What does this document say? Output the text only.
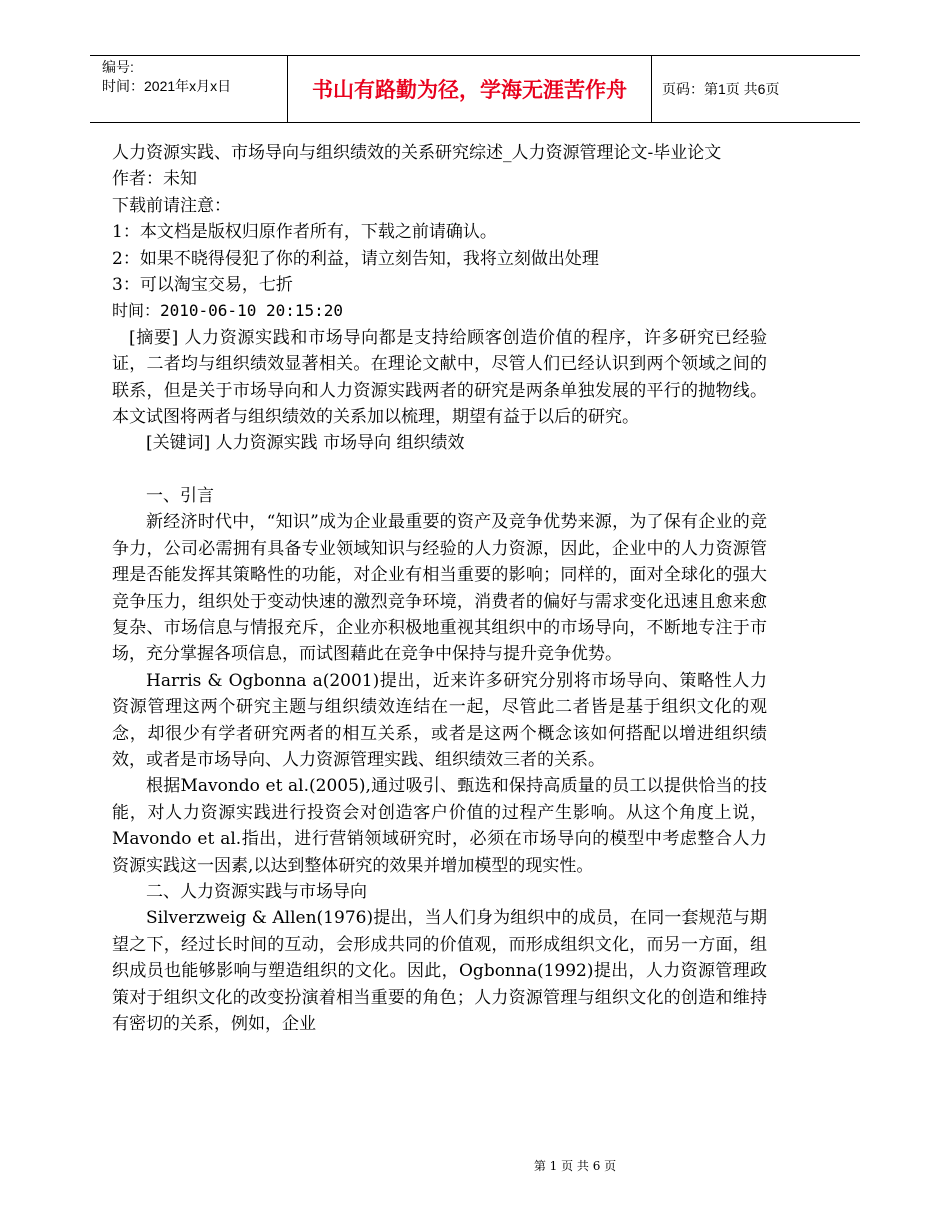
编号:
时间：2021年x月x日	书山有路勤为径，学海无涯苦作舟	页码：第1页 共6页

人力资源实践、市场导向与组织绩效的关系研究综述_人力资源管理论文-毕业论文

作者：未知

下载前请注意：

1：本文档是版权归原作者所有，下载之前请确认。

2：如果不晓得侵犯了你的利益，请立刻告知，我将立刻做出处理

3：可以淘宝交易，七折

时间：2010-06-10 20:15:20

[摘要] 人力资源实践和市场导向都是支持给顾客创造价值的程序，许多研究已经验证，二者均与组织绩效显著相关。在理论文献中，尽管人们已经认识到两个领域之间的联系，但是关于市场导向和人力资源实践两者的研究是两条单独发展的平行的抛物线。本文试图将两者与组织绩效的关系加以梳理，期望有益于以后的研究。

[关键词] 人力资源实践 市场导向 组织绩效

一、引言

新经济时代中，“知识”成为企业最重要的资产及竞争优势来源，为了保有企业的竞争力，公司必需拥有具备专业领域知识与经验的人力资源，因此，企业中的人力资源管理是否能发挥其策略性的功能，对企业有相当重要的影响；同样的，面对全球化的强大竞争压力，组织处于变动快速的激烈竞争环境，消费者的偏好与需求变化迅速且愈来愈复杂、市场信息与情报充斥，企业亦积极地重视其组织中的市场导向，不断地专注于市场，充分掌握各项信息，而试图藉此在竞争中保持与提升竞争优势。

Harris & Ogbonna a(2001)提出，近来许多研究分别将市场导向、策略性人力资源管理这两个研究主题与组织绩效连结在一起，尽管此二者皆是基于组织文化的观念，却很少有学者研究两者的相互关系，或者是这两个概念该如何搭配以增进组织绩效，或者是市场导向、人力资源管理实践、组织绩效三者的关系。

根据Mavondo et al.(2005),通过吸引、甄选和保持高质量的员工以提供恰当的技能，对人力资源实践进行投资会对创造客户价值的过程产生影响。从这个角度上说，Mavondo et al.指出，进行营销领域研究时，必须在市场导向的模型中考虑整合人力资源实践这一因素,以达到整体研究的效果并增加模型的现实性。

二、人力资源实践与市场导向

Silverzweig & Allen(1976)提出，当人们身为组织中的成员，在同一套规范与期望之下，经过长时间的互动，会形成共同的价值观，而形成组织文化，而另一方面，组织成员也能够影响与塑造组织的文化。因此，Ogbonna(1992)提出，人力资源管理政策对于组织文化的改变扮演着相当重要的角色；人力资源管理与组织文化的创造和维持有密切的关系，例如，企业

第 1 页 共 6 页
